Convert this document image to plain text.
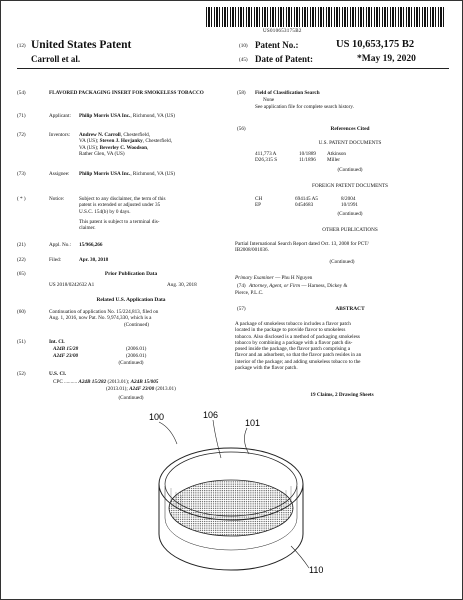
US010653175B2
(12) United States Patent
Carroll et al.
(10) Patent No.:	US 10,653,175 B2
(45) Date of Patent:	*May 19, 2020
(54)	FLAVORED PACKAGING INSERT FOR SMOKELESS TOBACCO
(71)	Applicant: Philip Morris USA Inc., Richmond, VA (US)
(72)	Inventors: Andrew N. Carroll, Chesterfield,
VA (US); Steven J. Hovjanky, Chesterfield,
VA (US); Beverley C. Woodson,
Rather Glen, VA (US)
(73)	Assignee: Philip Morris USA Inc., Richmond, VA (US)
( * )	Notice:	Subject to any disclaimer, the term of this
patent is extended or adjusted under 35
U.S.C. 154(b) by 0 days.
This patent is subject to a terminal dis-
claimer.
(21)	Appl. No.: 15/966,266
(22)	Filed:	Apr. 30, 2018
(65)	Prior Publication Data
US 2018/0242632 A1	Aug. 30, 2018
Related U.S. Application Data
(60)	Continuation of application No. 15/224,813, filed on
Aug. 1, 2016, now Pat. No. 9,974,330, which is a
(Continued)
(51)	Int. Cl.
A24B 15/28	(2006.01)
A24F 23/00	(2006.01)
(Continued)
(52)	U.S. Cl.
CPC .......... A24B 15/282 (2013.01); A24B 15/005
(2013.01); A24F 23/00 (2013.01)
(Continued)
(58) Field of Classification Search
None
See application file for complete search history.
(56)	References Cited
U.S. PATENT DOCUMENTS
411,773 A	10/1889	Atkinson
D26,315 S	11/1896	Miller
(Continued)
FOREIGN PATENT DOCUMENTS
CH	694145 A5	8/2004
EP	0454683	10/1991
(Continued)
OTHER PUBLICATIONS
Partial International Search Report dated Oct. 13, 2008 for PCT/
IB2008/001036.
(Continued)
Primary Examiner — Phu H Nguyen
(74) Attorney, Agent, or Firm — Harness, Dickey &
Pierce, P.L.C.
(57)	ABSTRACT
A package of smokeless tobacco includes a flavor patch
located in the package to provide flavor to smokeless
tobacco. Also disclosed is a method of packaging smokeless
tobacco by combining a package with a flavor patch dis-
posed inside the package, the flavor patch comprising a
flavor and an adsorbent, so that the flavor patch resides in an
interior of the package; and adding smokeless tobacco to the
package with the flavor patch.
19 Claims, 2 Drawing Sheets
100	106
101
110
